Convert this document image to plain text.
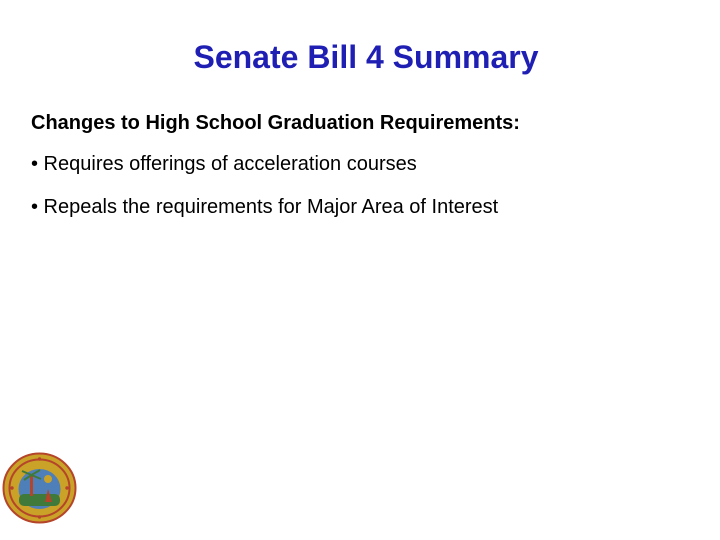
Senate Bill 4 Summary
Changes to High School Graduation Requirements:
• Requires offerings of acceleration courses
• Repeals the requirements for Major Area of Interest
